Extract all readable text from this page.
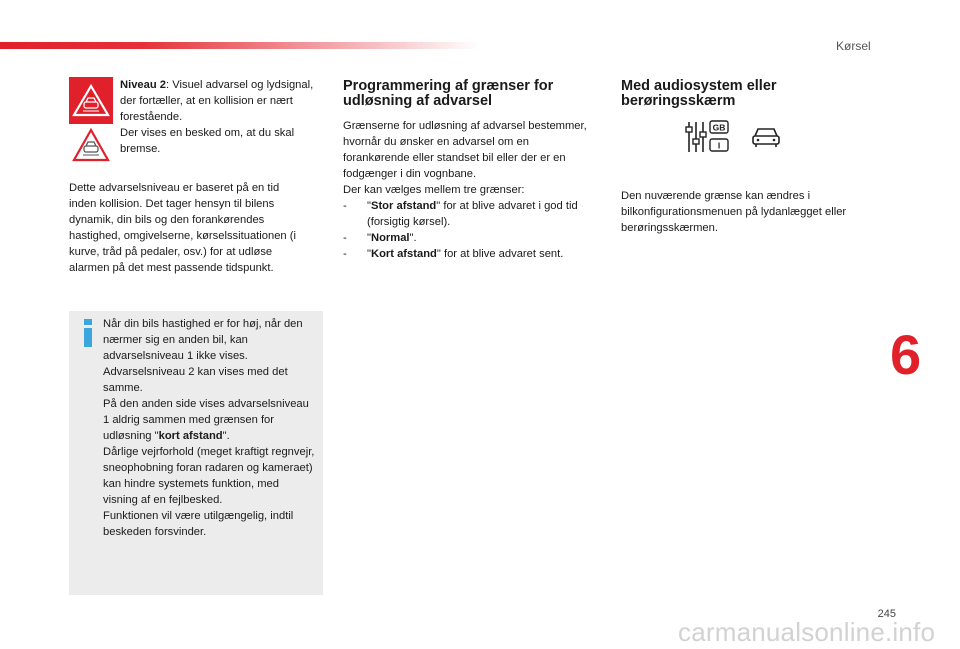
Kørsel
Niveau 2: Visuel advarsel og lydsignal, der fortæller, at en kollision er nært forestående.
Der vises en besked om, at du skal bremse.
Dette advarselsniveau er baseret på en tid inden kollision. Det tager hensyn til bilens dynamik, din bils og den forankørendes hastighed, omgivelserne, kørselssituationen (i kurve, tråd på pedaler, osv.) for at udløse alarmen på det mest passende tidspunkt.
Når din bils hastighed er for høj, når den nærmer sig en anden bil, kan advarselsniveau 1 ikke vises.
Advarselsniveau 2 kan vises med det samme.
På den anden side vises advarselsniveau 1 aldrig sammen med grænsen for udløsning "kort afstand".
Dårlige vejrforhold (meget kraftigt regnvejr, sneophobning foran radaren og kameraet) kan hindre systemets funktion, med visning af en fejlbesked.
Funktionen vil være utilgængelig, indtil beskeden forsvinder.
Programmering af grænser for
udløsning af advarsel
Grænserne for udløsning af advarsel bestemmer, hvornår du ønsker en advarsel om en forankørende eller standset bil eller der er en fodgænger i din vognbane.
Der kan vælges mellem tre grænser:
- "Stor afstand" for at blive advaret i god tid (forsigtig kørsel).
- "Normal".
- "Kort afstand" for at blive advaret sent.
Med audiosystem eller
berøringsskærm
GB
I
Den nuværende grænse kan ændres i bilkonfigurationsmenuen på lydanlægget eller berøringsskærmen.
6
245
carmanualsonline.info
